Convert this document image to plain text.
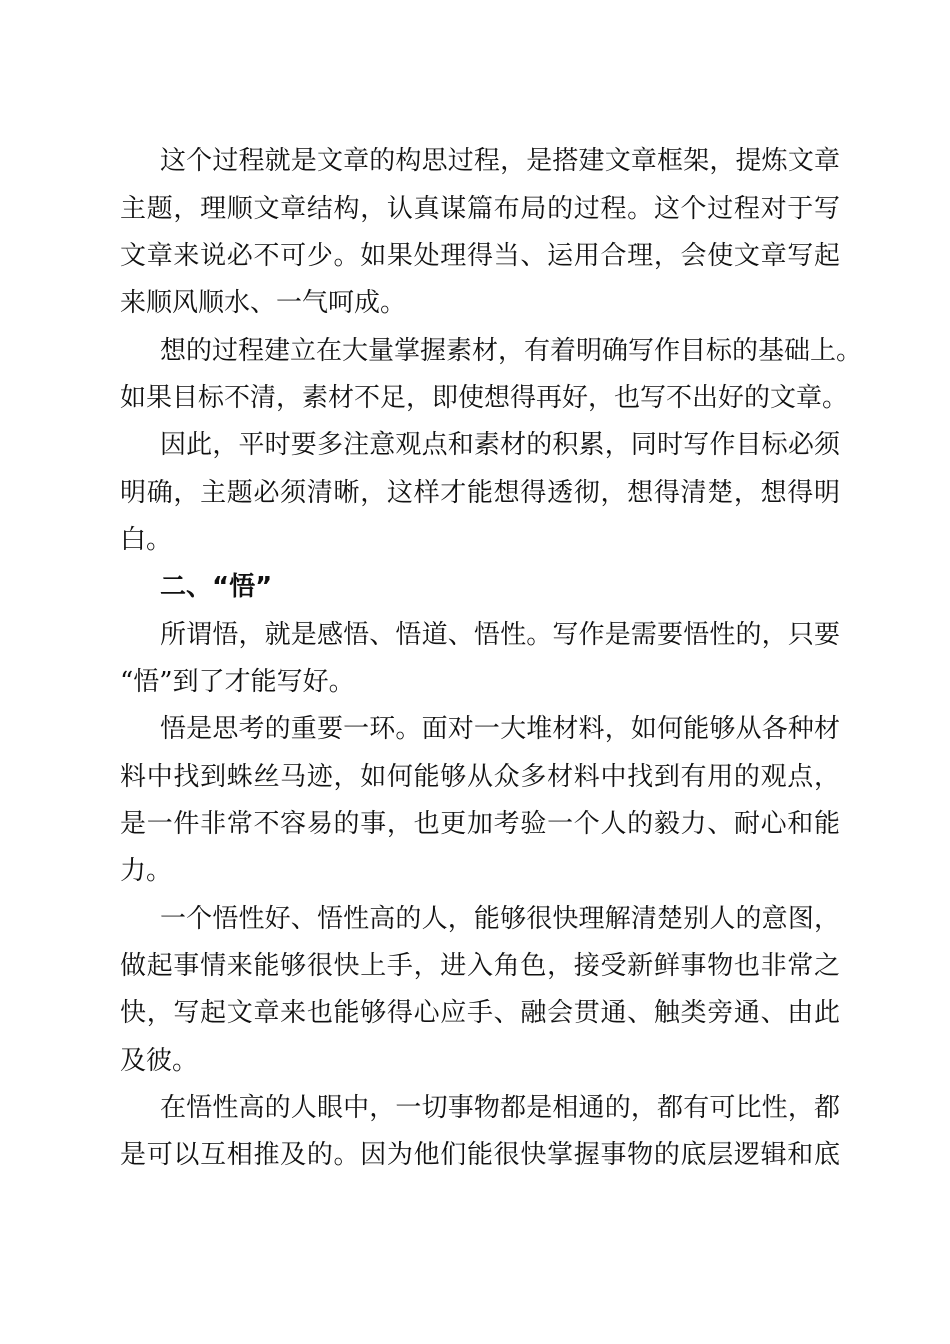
这个过程就是文章的构思过程，是搭建文章框架，提炼文章
主题，理顺文章结构，认真谋篇布局的过程。这个过程对于写
文章来说必不可少。如果处理得当、运用合理，会使文章写起
来顺风顺水、一气呵成。
想的过程建立在大量掌握素材，有着明确写作目标的基础上。
如果目标不清，素材不足，即使想得再好，也写不出好的文章。
因此，平时要多注意观点和素材的积累，同时写作目标必须
明确，主题必须清晰，这样才能想得透彻，想得清楚，想得明
白。
二、“悟”
所谓悟，就是感悟、悟道、悟性。写作是需要悟性的，只要
“悟”到了才能写好。
悟是思考的重要一环。面对一大堆材料，如何能够从各种材
料中找到蛛丝马迹，如何能够从众多材料中找到有用的观点，
是一件非常不容易的事，也更加考验一个人的毅力、耐心和能
力。
一个悟性好、悟性高的人，能够很快理解清楚别人的意图，
做起事情来能够很快上手，进入角色，接受新鲜事物也非常之
快，写起文章来也能够得心应手、融会贯通、触类旁通、由此
及彼。
在悟性高的人眼中，一切事物都是相通的，都有可比性，都
是可以互相推及的。因为他们能很快掌握事物的底层逻辑和底
